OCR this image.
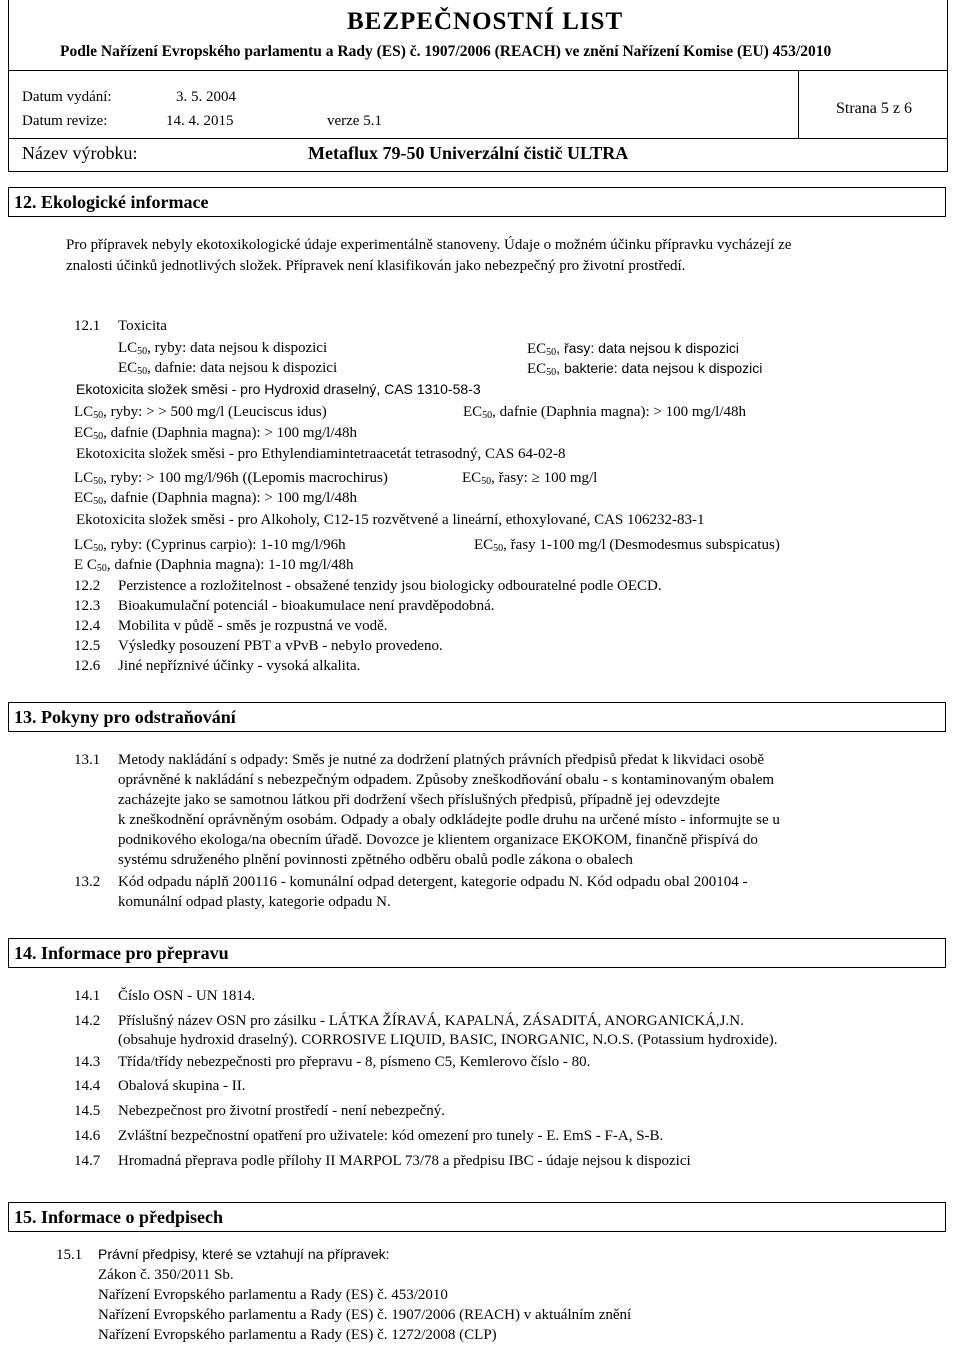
BEZPEČNOSTNÍ LIST
Podle Nařízení Evropského parlamentu a Rady (ES) č. 1907/2006 (REACH) ve znění Nařízení Komise (EU) 453/2010
Datum vydání:	3. 5. 2004
Datum revize:	14. 4. 2015	verze 5.1
Strana 5 z 6
Název výrobku:	Metaflux 79-50 Univerzální čistič ULTRA
12. Ekologické informace
Pro přípravek nebyly ekotoxikologické údaje experimentálně stanoveny. Údaje o možném účinku přípravku vycházejí ze
znalosti účinků jednotlivých složek. Přípravek není klasifikován jako nebezpečný pro životní prostředí.
12.1 Toxicita
$LC_{50}$, ryby: data nejsou k dispozici	$EC_{50}$, řasy: data nejsou k dispozici
$EC_{50}$, dafnie: data nejsou k dispozici	$EC_{50}$, bakterie: data nejsou k dispozici
Ekotoxicita složek směsi - pro Hydroxid draselný, CAS 1310-58-3
$LC_{50}$, ryby: > > 500 mg/l (Leuciscus idus)	$EC_{50}$, dafnie (Daphnia magna): > 100 mg/l/48h
$EC_{50}$, dafnie (Daphnia magna): > 100 mg/l/48h
Ekotoxicita složek směsi - pro Ethylendiamintetraacetát tetrasodný, CAS 64-02-8
$LC_{50}$, ryby: > 100 mg/l/96h ((Lepomis macrochirus)	$EC_{50}$, řasy: ≥ 100 mg/l
$EC_{50}$, dafnie (Daphnia magna): > 100 mg/l/48h
Ekotoxicita složek směsi - pro Alkoholy, C12-15 rozvětvené a lineární, ethoxylované, CAS 106232-83-1
$LC_{50}$, ryby: (Cyprinus carpio): 1-10 mg/l/96h	$EC_{50}$, řasy 1-100 mg/l (Desmodesmus subspicatus)
E $C_{50}$, dafnie (Daphnia magna): 1-10 mg/l/48h
12.2 Perzistence a rozložitelnost - obsažené tenzidy jsou biologicky odbouratelné podle OECD.
12.3 Bioakumulační potenciál - bioakumulace není pravděpodobná.
12.4 Mobilita v půdě - směs je rozpustná ve vodě.
12.5 Výsledky posouzení PBT a vPvB - nebylo provedeno.
12.6 Jiné nepříznivé účinky - vysoká alkalita.
13. Pokyny pro odstraňování
13.1 Metody nakládání s odpady: Směs je nutné za dodržení platných právních předpisů předat k likvidaci osobě
oprávněné k nakládání s nebezpečným odpadem. Způsoby zneškodňování obalu - s kontaminovaným obalem
zacházejte jako se samotnou látkou při dodržení všech příslušných předpisů, případně jej odevzdejte
k zneškodnění oprávněným osobám. Odpady a obaly odkládejte podle druhu na určené místo - informujte se u
podnikového ekologa/na obecním úřadě. Dovozce je klientem organizace EKOKOM, finančně přispívá do
systému sdruženého plnění povinnosti zpětného odběru obalů podle zákona o obalech
13.2 Kód odpadu náplň 200116 - komunální odpad detergent, kategorie odpadu N. Kód odpadu obal 200104 -
komunální odpad plasty, kategorie odpadu N.
14. Informace pro přepravu
14.1 Číslo OSN - UN 1814.
14.2 Příslušný název OSN pro zásilku - LÁTKA ŽÍRAVÁ, KAPALNÁ, ZÁSADITÁ, ANORGANICKÁ,J.N.
(obsahuje hydroxid draselný). CORROSIVE LIQUID, BASIC, INORGANIC, N.O.S. (Potassium hydroxide).
14.3 Třída/třídy nebezpečnosti pro přepravu - 8, písmeno C5, Kemlerovo číslo - 80.
14.4 Obalová skupina - II.
14.5 Nebezpečnost pro životní prostředí - není nebezpečný.
14.6 Zvláštní bezpečnostní opatření pro uživatele: kód omezení pro tunely - E. EmS - F-A, S-B.
14.7 Hromadná přeprava podle přílohy II MARPOL 73/78 a předpisu IBC - údaje nejsou k dispozici
15. Informace o předpisech
15.1 Právní předpisy, které se vztahují na přípravek:
Zákon č. 350/2011 Sb.
Nařízení Evropského parlamentu a Rady (ES) č. 453/2010
Nařízení Evropského parlamentu a Rady (ES) č. 1907/2006 (REACH) v aktuálním znění
Nařízení Evropského parlamentu a Rady (ES) č. 1272/2008 (CLP)
